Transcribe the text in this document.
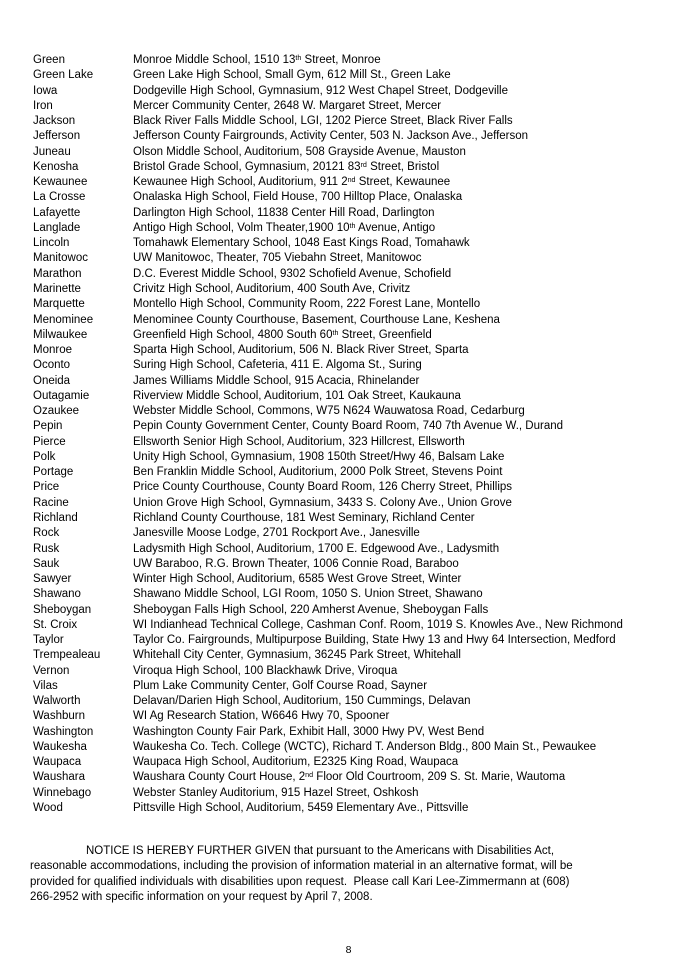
Green	Monroe Middle School, 1510 13th Street, Monroe
Green Lake	Green Lake High School, Small Gym, 612 Mill St., Green Lake
Iowa	Dodgeville High School, Gymnasium, 912 West Chapel Street, Dodgeville
Iron	Mercer Community Center, 2648 W. Margaret Street, Mercer
Jackson	Black River Falls Middle School, LGI, 1202 Pierce Street, Black River Falls
Jefferson	Jefferson County Fairgrounds, Activity Center, 503 N. Jackson Ave., Jefferson
Juneau	Olson Middle School, Auditorium, 508 Grayside Avenue, Mauston
Kenosha	Bristol Grade School, Gymnasium, 20121 83rd Street, Bristol
Kewaunee	Kewaunee High School, Auditorium, 911 2nd Street, Kewaunee
La Crosse	Onalaska High School, Field House, 700 Hilltop Place, Onalaska
Lafayette	Darlington High School, 11838 Center Hill Road, Darlington
Langlade	Antigo High School, Volm Theater,1900 10th Avenue, Antigo
Lincoln	Tomahawk Elementary School, 1048 East Kings Road, Tomahawk
Manitowoc	UW Manitowoc, Theater, 705 Viebahn Street, Manitowoc
Marathon	D.C. Everest Middle School, 9302 Schofield Avenue, Schofield
Marinette	Crivitz High School, Auditorium, 400 South Ave, Crivitz
Marquette	Montello High School, Community Room, 222 Forest Lane, Montello
Menominee	Menominee County Courthouse, Basement, Courthouse Lane, Keshena
Milwaukee	Greenfield High School, 4800 South 60th Street, Greenfield
Monroe	Sparta High School, Auditorium, 506 N. Black River Street, Sparta
Oconto	Suring High School, Cafeteria, 411 E. Algoma St., Suring
Oneida	James Williams Middle School, 915 Acacia, Rhinelander
Outagamie	Riverview Middle School, Auditorium, 101 Oak Street, Kaukauna
Ozaukee	Webster Middle School, Commons, W75 N624 Wauwatosa Road, Cedarburg
Pepin	Pepin County Government Center, County Board Room, 740 7th Avenue W., Durand
Pierce	Ellsworth Senior High School, Auditorium, 323 Hillcrest, Ellsworth
Polk	Unity High School, Gymnasium, 1908 150th Street/Hwy 46, Balsam Lake
Portage	Ben Franklin Middle School, Auditorium, 2000 Polk Street, Stevens Point
Price	Price County Courthouse, County Board Room, 126 Cherry Street, Phillips
Racine	Union Grove High School, Gymnasium, 3433 S. Colony Ave., Union Grove
Richland	Richland County Courthouse, 181 West Seminary, Richland Center
Rock	Janesville Moose Lodge, 2701 Rockport Ave., Janesville
Rusk	Ladysmith High School, Auditorium, 1700 E. Edgewood Ave., Ladysmith
Sauk	UW Baraboo, R.G. Brown Theater, 1006 Connie Road, Baraboo
Sawyer	Winter High School, Auditorium, 6585 West Grove Street, Winter
Shawano	Shawano Middle School, LGI Room, 1050 S. Union Street, Shawano
Sheboygan	Sheboygan Falls High School, 220 Amherst Avenue, Sheboygan Falls
St. Croix	WI Indianhead Technical College, Cashman Conf. Room, 1019 S. Knowles Ave., New Richmond
Taylor	Taylor Co. Fairgrounds, Multipurpose Building, State Hwy 13 and Hwy 64 Intersection, Medford
Trempealeau	Whitehall City Center, Gymnasium, 36245 Park Street, Whitehall
Vernon	Viroqua High School, 100 Blackhawk Drive, Viroqua
Vilas	Plum Lake Community Center, Golf Course Road, Sayner
Walworth	Delavan/Darien High School, Auditorium, 150 Cummings, Delavan
Washburn	WI Ag Research Station, W6646 Hwy 70, Spooner
Washington	Washington County Fair Park, Exhibit Hall, 3000 Hwy PV, West Bend
Waukesha	Waukesha Co. Tech. College (WCTC), Richard T. Anderson Bldg., 800 Main St., Pewaukee
Waupaca	Waupaca High School, Auditorium, E2325 King Road, Waupaca
Waushara	Waushara County Court House, 2nd Floor Old Courtroom, 209 S. St. Marie, Wautoma
Winnebago	Webster Stanley Auditorium, 915 Hazel Street, Oshkosh
Wood	Pittsville High School, Auditorium, 5459 Elementary Ave., Pittsville
NOTICE IS HEREBY FURTHER GIVEN that pursuant to the Americans with Disabilities Act,
reasonable accommodations, including the provision of information material in an alternative format, will be
provided for qualified individuals with disabilities upon request.  Please call Kari Lee-Zimmermann at (608)
266-2952 with specific information on your request by April 7, 2008.
8
